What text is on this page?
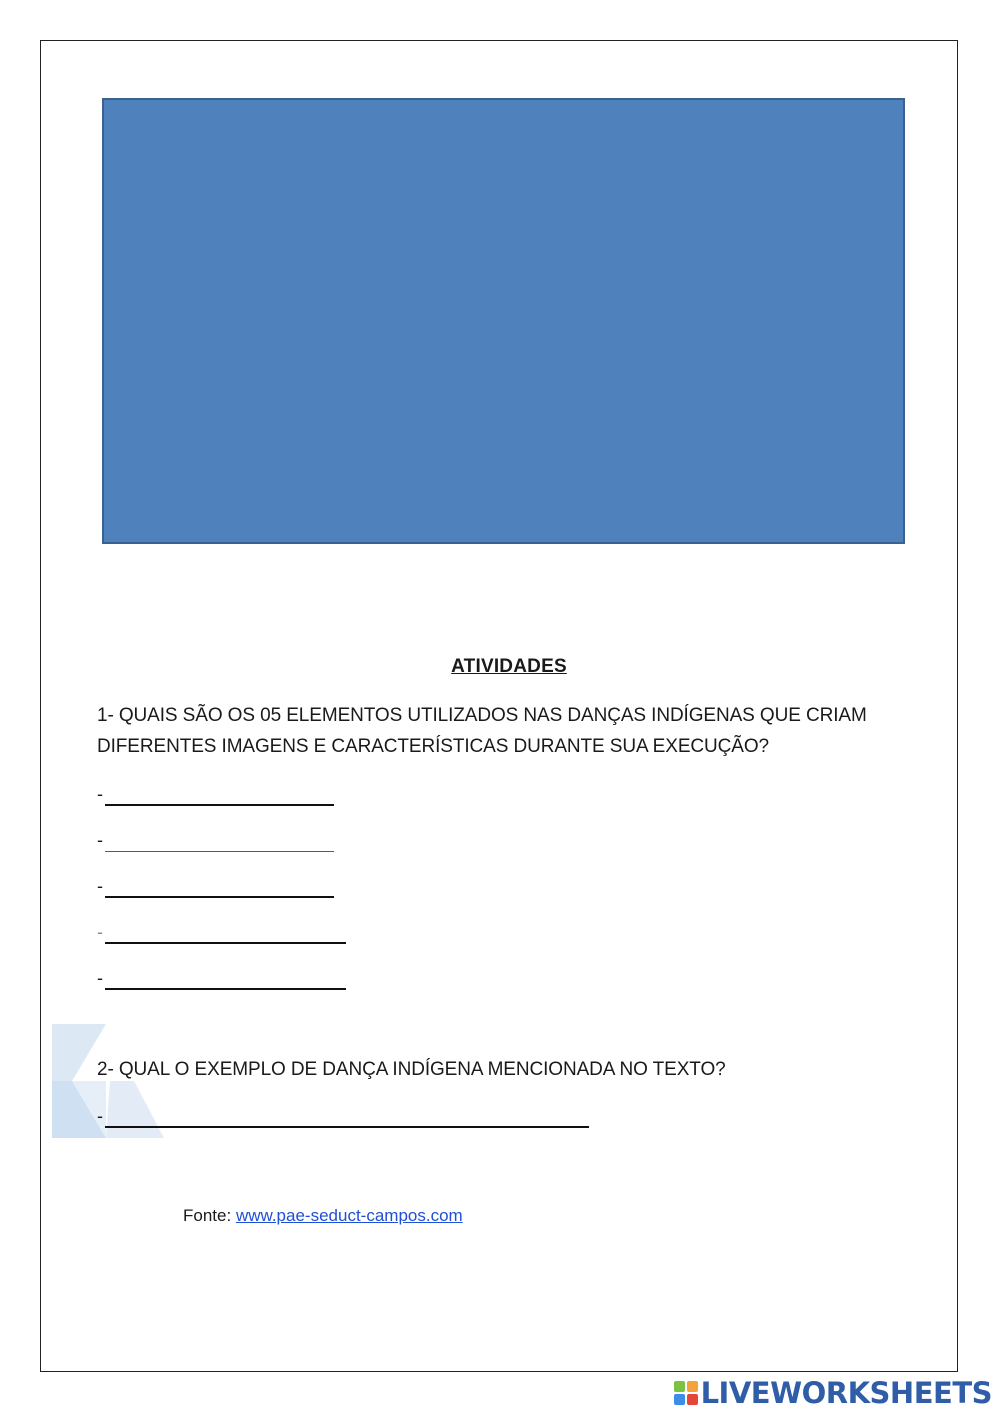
ATIVIDADES
1- QUAIS SÃO OS 05 ELEMENTOS UTILIZADOS NAS DANÇAS INDÍGENAS QUE CRIAM
DIFERENTES IMAGENS E CARACTERÍSTICAS DURANTE SUA EXECUÇÃO?
-
-
-
-
-
2- QUAL O EXEMPLO DE DANÇA INDÍGENA MENCIONADA NO TEXTO?
-
Fonte: www.pae-seduct-campos.com
LIVEWORKSHEETS
